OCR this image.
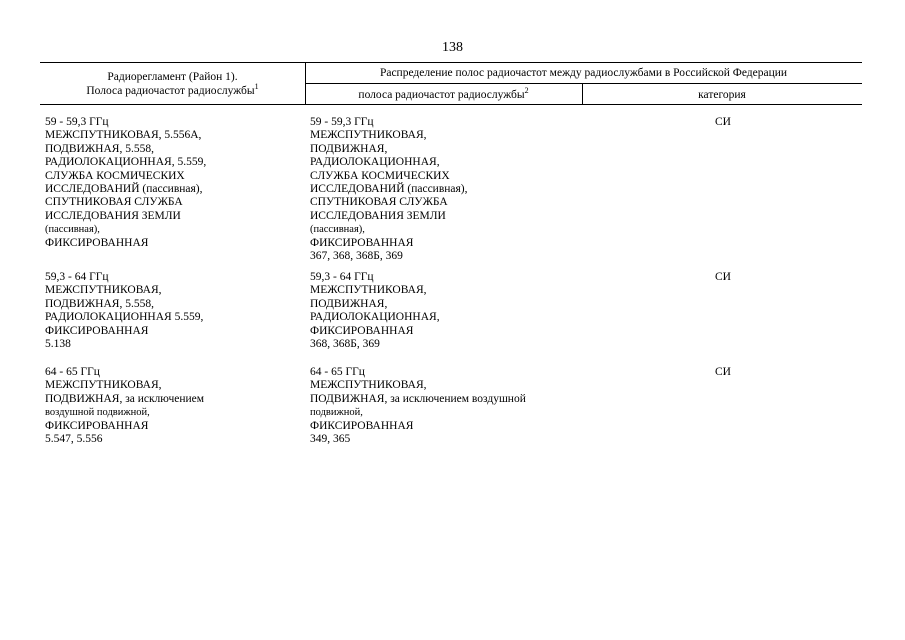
138
Радиорегламент (Район 1).
Полоса радиочастот радиослужбы$^1$
Распределение полос радиочастот между радиослужбами в Российской Федерации
полоса радиочастот радиослужбы$^2$	категория
59 - 59,3 ГГц
МЕЖСПУТНИКОВАЯ, 5.556А,
ПОДВИЖНАЯ, 5.558,
РАДИОЛОКАЦИОННАЯ, 5.559,
СЛУЖБА КОСМИЧЕСКИХ
ИССЛЕДОВАНИЙ (пассивная),
СПУТНИКОВАЯ СЛУЖБА
ИССЛЕДОВАНИЯ ЗЕМЛИ
(пассивная),
ФИКСИРОВАННАЯ
59 - 59,3 ГГц
МЕЖСПУТНИКОВАЯ,
ПОДВИЖНАЯ,
РАДИОЛОКАЦИОННАЯ,
СЛУЖБА КОСМИЧЕСКИХ
ИССЛЕДОВАНИЙ (пассивная),
СПУТНИКОВАЯ СЛУЖБА
ИССЛЕДОВАНИЯ ЗЕМЛИ
(пассивная),
ФИКСИРОВАННАЯ
367, 368, 368Б, 369
СИ
59,3 - 64 ГГц
МЕЖСПУТНИКОВАЯ,
ПОДВИЖНАЯ, 5.558,
РАДИОЛОКАЦИОННАЯ 5.559,
ФИКСИРОВАННАЯ
5.138
59,3 - 64 ГГц
МЕЖСПУТНИКОВАЯ,
ПОДВИЖНАЯ,
РАДИОЛОКАЦИОННАЯ,
ФИКСИРОВАННАЯ
368, 368Б, 369
СИ
64 - 65 ГГц
МЕЖСПУТНИКОВАЯ,
ПОДВИЖНАЯ, за исключением
воздушной подвижной,
ФИКСИРОВАННАЯ
5.547, 5.556
64 - 65 ГГц
МЕЖСПУТНИКОВАЯ,
ПОДВИЖНАЯ, за исключением воздушной
подвижной,
ФИКСИРОВАННАЯ
349, 365
СИ
